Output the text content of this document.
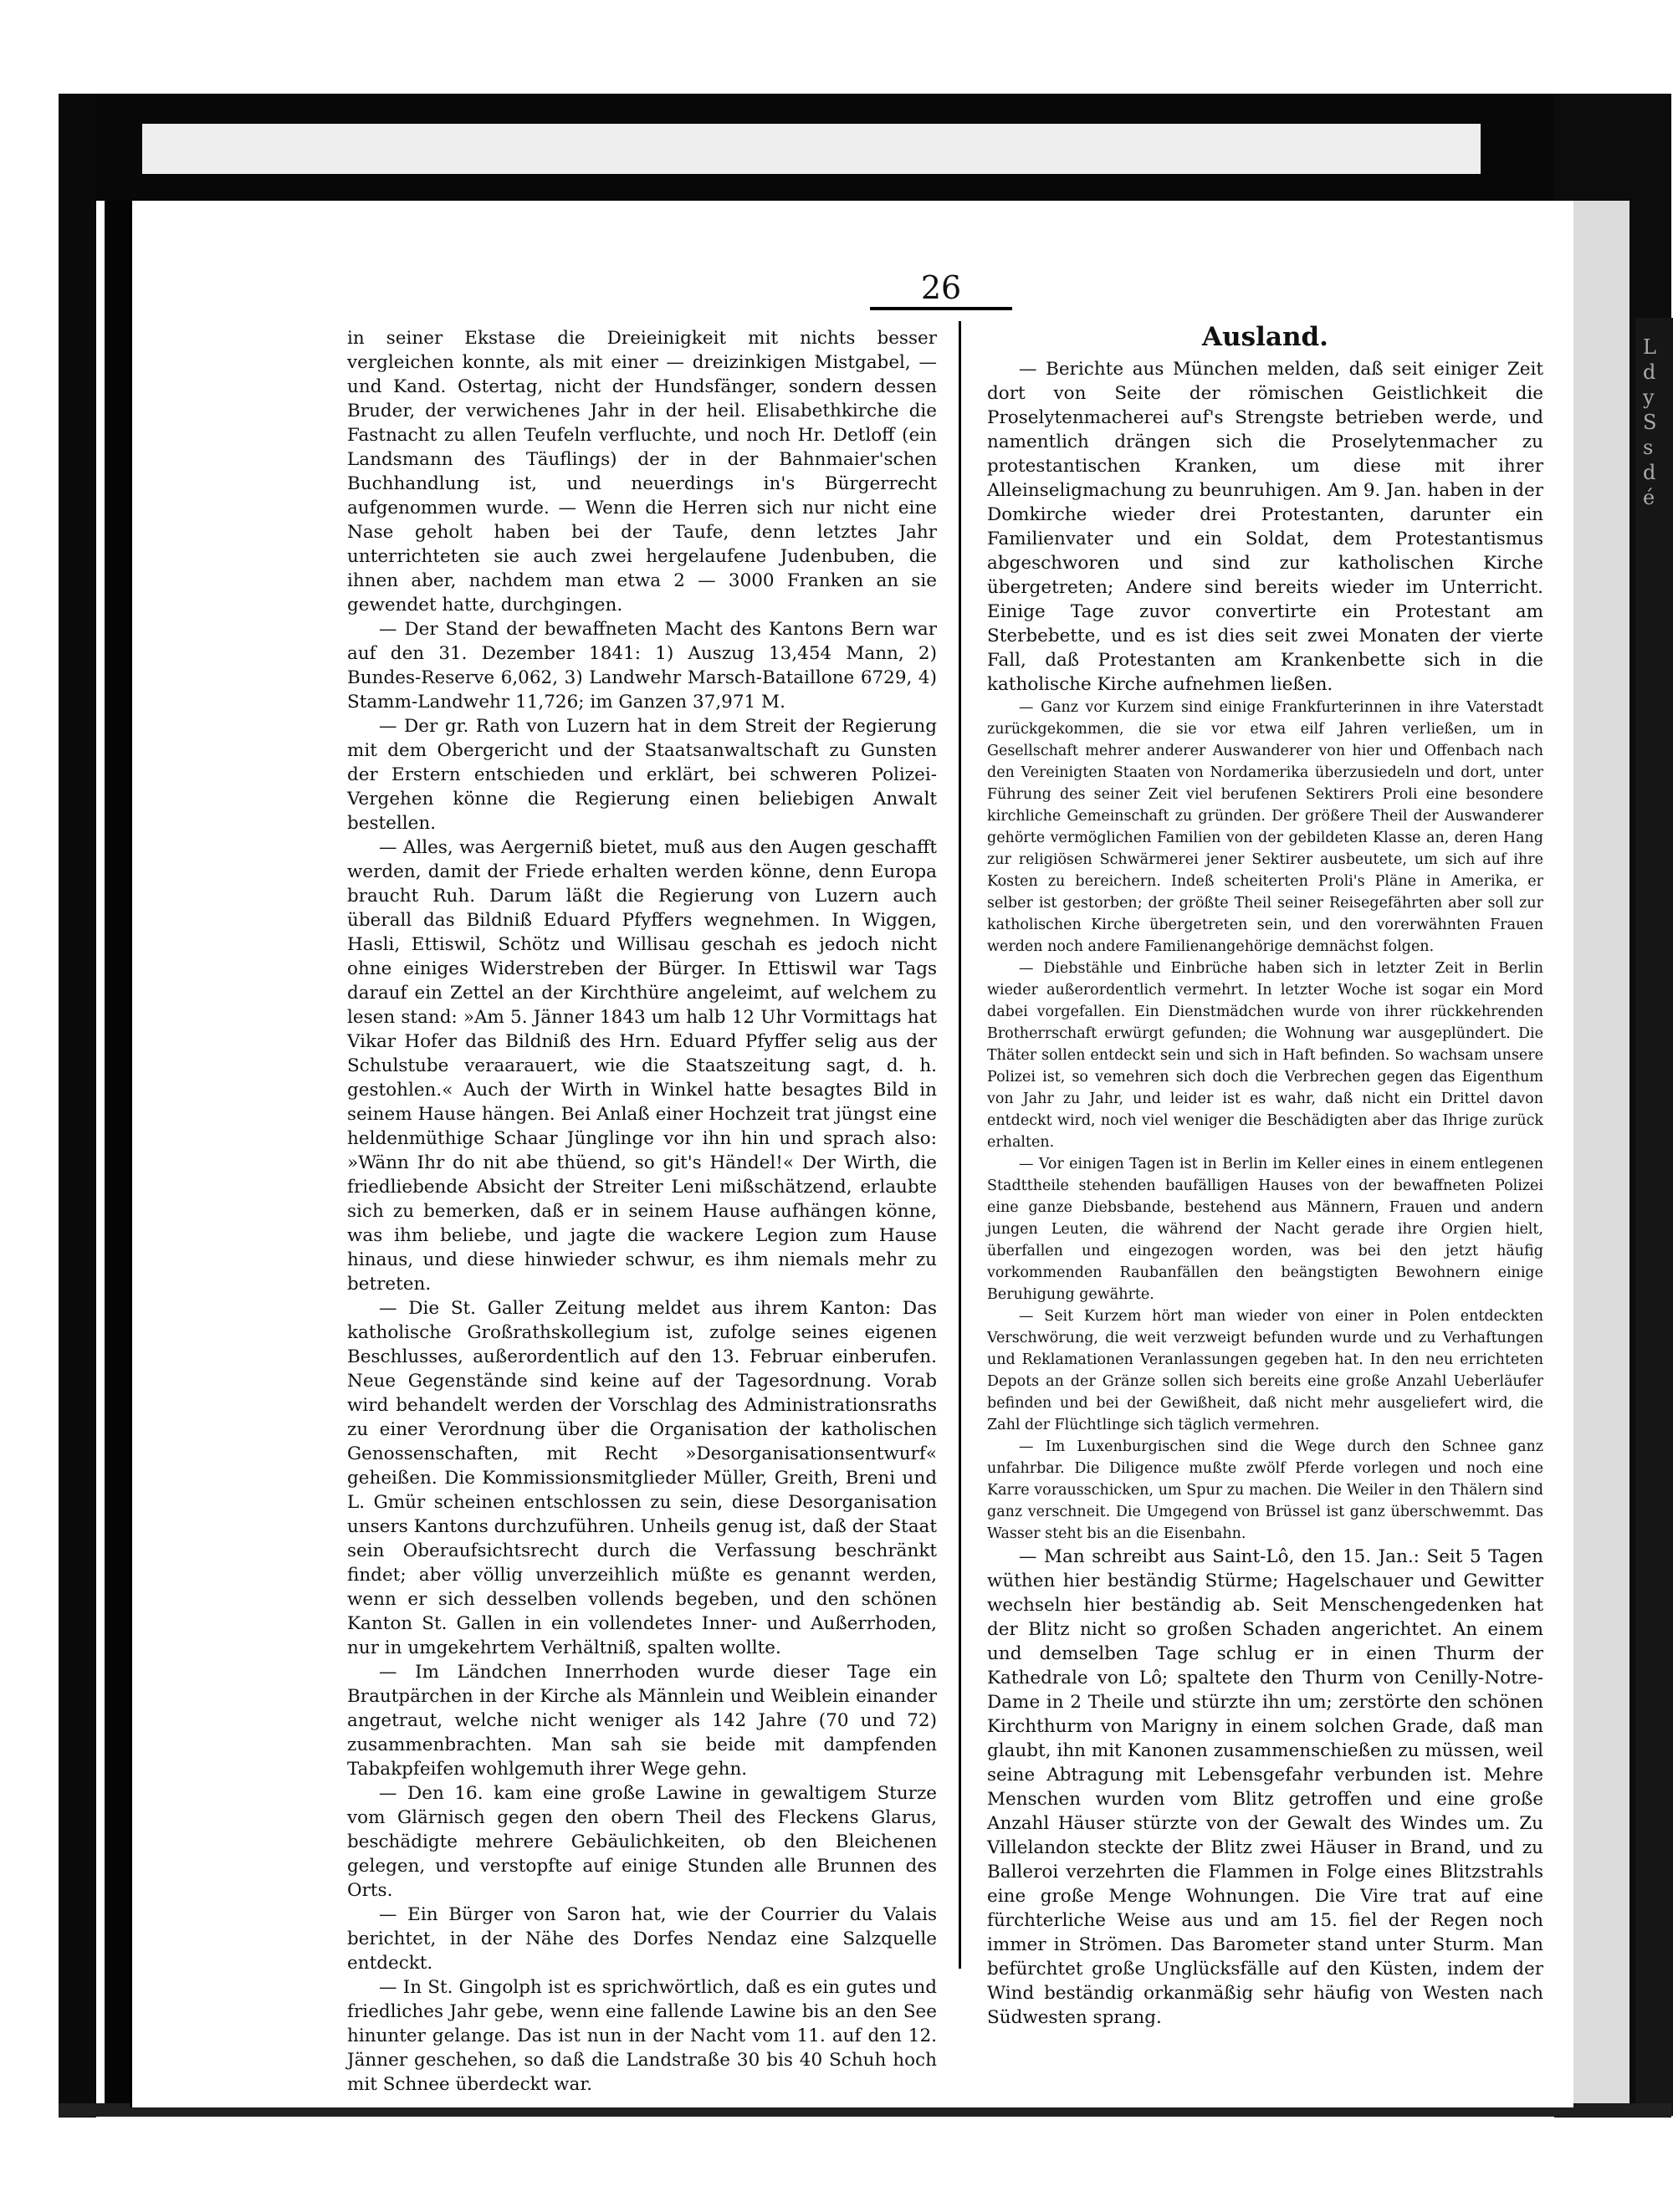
L
d
y
S
s
d
é
26

in seiner Ekstase die Dreieinigkeit mit nichts besser vergleichen konnte, als mit einer — dreizinkigen Mistgabel, — und Kand. Ostertag, nicht der Hundsfänger, sondern dessen Bruder, der verwichenes Jahr in der heil. Elisabethkirche die Fastnacht zu allen Teufeln verfluchte, und noch Hr. Detloff (ein Landsmann des Täuflings) der in der Bahnmaier'schen Buchhandlung ist, und neuerdings in's Bürgerrecht aufgenommen wurde. — Wenn die Herren sich nur nicht eine Nase geholt haben bei der Taufe, denn letztes Jahr unterrichteten sie auch zwei hergelaufene Judenbuben, die ihnen aber, nachdem man etwa 2 — 3000 Franken an sie gewendet hatte, durchgingen.

— Der Stand der bewaffneten Macht des Kantons Bern war auf den 31. Dezember 1841: 1) Auszug 13,454 Mann, 2) Bundes-Reserve 6,062, 3) Landwehr Marsch-Bataillone 6729, 4) Stamm-Landwehr 11,726; im Ganzen 37,971 M.

— Der gr. Rath von Luzern hat in dem Streit der Regierung mit dem Obergericht und der Staatsanwaltschaft zu Gunsten der Erstern entschieden und erklärt, bei schweren Polizei-Vergehen könne die Regierung einen beliebigen Anwalt bestellen.

— Alles, was Aergerniß bietet, muß aus den Augen geschafft werden, damit der Friede erhalten werden könne, denn Europa braucht Ruh. Darum läßt die Regierung von Luzern auch überall das Bildniß Eduard Pfyffers wegnehmen. In Wiggen, Hasli, Ettiswil, Schötz und Willisau geschah es jedoch nicht ohne einiges Widerstreben der Bürger. In Ettiswil war Tags darauf ein Zettel an der Kirchthüre angeleimt, auf welchem zu lesen stand: »Am 5. Jänner 1843 um halb 12 Uhr Vormittags hat Vikar Hofer das Bildniß des Hrn. Eduard Pfyffer selig aus der Schulstube veraarauert, wie die Staatszeitung sagt, d. h. gestohlen.« Auch der Wirth in Winkel hatte besagtes Bild in seinem Hause hängen. Bei Anlaß einer Hochzeit trat jüngst eine heldenmüthige Schaar Jünglinge vor ihn hin und sprach also: »Wänn Ihr do nit abe thüend, so git's Händel!« Der Wirth, die friedliebende Absicht der Streiter Leni mißschätzend, erlaubte sich zu bemerken, daß er in seinem Hause aufhängen könne, was ihm beliebe, und jagte die wackere Legion zum Hause hinaus, und diese hinwieder schwur, es ihm niemals mehr zu betreten.

— Die St. Galler Zeitung meldet aus ihrem Kanton: Das katholische Großrathskollegium ist, zufolge seines eigenen Beschlusses, außerordentlich auf den 13. Februar einberufen. Neue Gegenstände sind keine auf der Tagesordnung. Vorab wird behandelt werden der Vorschlag des Administrationsraths zu einer Verordnung über die Organisation der katholischen Genossenschaften, mit Recht »Desorganisationsentwurf« geheißen. Die Kommissionsmitglieder Müller, Greith, Breni und L. Gmür scheinen entschlossen zu sein, diese Desorganisation unsers Kantons durchzuführen. Unheils genug ist, daß der Staat sein Oberaufsichtsrecht durch die Verfassung beschränkt findet; aber völlig unverzeihlich müßte es genannt werden, wenn er sich desselben vollends begeben, und den schönen Kanton St. Gallen in ein vollendetes Inner- und Außerrhoden, nur in umgekehrtem Verhältniß, spalten wollte.

— Im Ländchen Innerrhoden wurde dieser Tage ein Brautpärchen in der Kirche als Männlein und Weiblein einander angetraut, welche nicht weniger als 142 Jahre (70 und 72) zusammenbrachten. Man sah sie beide mit dampfenden Tabakpfeifen wohlgemuth ihrer Wege gehn.

— Den 16. kam eine große Lawine in gewaltigem Sturze vom Glärnisch gegen den obern Theil des Fleckens Glarus, beschädigte mehrere Gebäulichkeiten, ob den Bleichenen gelegen, und verstopfte auf einige Stunden alle Brunnen des Orts.

— Ein Bürger von Saron hat, wie der Courrier du Valais berichtet, in der Nähe des Dorfes Nendaz eine Salzquelle entdeckt.

— In St. Gingolph ist es sprichwörtlich, daß es ein gutes und friedliches Jahr gebe, wenn eine fallende Lawine bis an den See hinunter gelange. Das ist nun in der Nacht vom 11. auf den 12. Jänner geschehen, so daß die Landstraße 30 bis 40 Schuh hoch mit Schnee überdeckt war.

Ausland.

— Berichte aus München melden, daß seit einiger Zeit dort von Seite der römischen Geistlichkeit die Proselytenmacherei auf's Strengste betrieben werde, und namentlich drängen sich die Proselytenmacher zu protestantischen Kranken, um diese mit ihrer Alleinseligmachung zu beunruhigen. Am 9. Jan. haben in der Domkirche wieder drei Protestanten, darunter ein Familienvater und ein Soldat, dem Protestantismus abgeschworen und sind zur katholischen Kirche übergetreten; Andere sind bereits wieder im Unterricht. Einige Tage zuvor convertirte ein Protestant am Sterbebette, und es ist dies seit zwei Monaten der vierte Fall, daß Protestanten am Krankenbette sich in die katholische Kirche aufnehmen ließen.

— Ganz vor Kurzem sind einige Frankfurterinnen in ihre Vaterstadt zurückgekommen, die sie vor etwa eilf Jahren verließen, um in Gesellschaft mehrer anderer Auswanderer von hier und Offenbach nach den Vereinigten Staaten von Nordamerika überzusiedeln und dort, unter Führung des seiner Zeit viel berufenen Sektirers Proli eine besondere kirchliche Gemeinschaft zu gründen. Der größere Theil der Auswanderer gehörte vermöglichen Familien von der gebildeten Klasse an, deren Hang zur religiösen Schwärmerei jener Sektirer ausbeutete, um sich auf ihre Kosten zu bereichern. Indeß scheiterten Proli's Pläne in Amerika, er selber ist gestorben; der größte Theil seiner Reisegefährten aber soll zur katholischen Kirche übergetreten sein, und den vorerwähnten Frauen werden noch andere Familienangehörige demnächst folgen.

— Diebstähle und Einbrüche haben sich in letzter Zeit in Berlin wieder außerordentlich vermehrt. In letzter Woche ist sogar ein Mord dabei vorgefallen. Ein Dienstmädchen wurde von ihrer rückkehrenden Brotherrschaft erwürgt gefunden; die Wohnung war ausgeplündert. Die Thäter sollen entdeckt sein und sich in Haft befinden. So wachsam unsere Polizei ist, so vemehren sich doch die Verbrechen gegen das Eigenthum von Jahr zu Jahr, und leider ist es wahr, daß nicht ein Drittel davon entdeckt wird, noch viel weniger die Beschädigten aber das Ihrige zurück erhalten.

— Vor einigen Tagen ist in Berlin im Keller eines in einem entlegenen Stadttheile stehenden baufälligen Hauses von der bewaffneten Polizei eine ganze Diebsbande, bestehend aus Männern, Frauen und andern jungen Leuten, die während der Nacht gerade ihre Orgien hielt, überfallen und eingezogen worden, was bei den jetzt häufig vorkommenden Raubanfällen den beängstigten Bewohnern einige Beruhigung gewährte.

— Seit Kurzem hört man wieder von einer in Polen entdeckten Verschwörung, die weit verzweigt befunden wurde und zu Verhaftungen und Reklamationen Veranlassungen gegeben hat. In den neu errichteten Depots an der Gränze sollen sich bereits eine große Anzahl Ueberläufer befinden und bei der Gewißheit, daß nicht mehr ausgeliefert wird, die Zahl der Flüchtlinge sich täglich vermehren.

— Im Luxenburgischen sind die Wege durch den Schnee ganz unfahrbar. Die Diligence mußte zwölf Pferde vorlegen und noch eine Karre vorausschicken, um Spur zu machen. Die Weiler in den Thälern sind ganz verschneit. Die Umgegend von Brüssel ist ganz überschwemmt. Das Wasser steht bis an die Eisenbahn.

— Man schreibt aus Saint-Lô, den 15. Jan.: Seit 5 Tagen wüthen hier beständig Stürme; Hagelschauer und Gewitter wechseln hier beständig ab. Seit Menschengedenken hat der Blitz nicht so großen Schaden angerichtet. An einem und demselben Tage schlug er in einen Thurm der Kathedrale von Lô; spaltete den Thurm von Cenilly-Notre-Dame in 2 Theile und stürzte ihn um; zerstörte den schönen Kirchthurm von Marigny in einem solchen Grade, daß man glaubt, ihn mit Kanonen zusammenschießen zu müssen, weil seine Abtragung mit Lebensgefahr verbunden ist. Mehre Menschen wurden vom Blitz getroffen und eine große Anzahl Häuser stürzte von der Gewalt des Windes um. Zu Villelandon steckte der Blitz zwei Häuser in Brand, und zu Balleroi verzehrten die Flammen in Folge eines Blitzstrahls eine große Menge Wohnungen. Die Vire trat auf eine fürchterliche Weise aus und am 15. fiel der Regen noch immer in Strömen. Das Barometer stand unter Sturm. Man befürchtet große Unglücksfälle auf den Küsten, indem der Wind beständig orkanmäßig sehr häufig von Westen nach Südwesten sprang.
